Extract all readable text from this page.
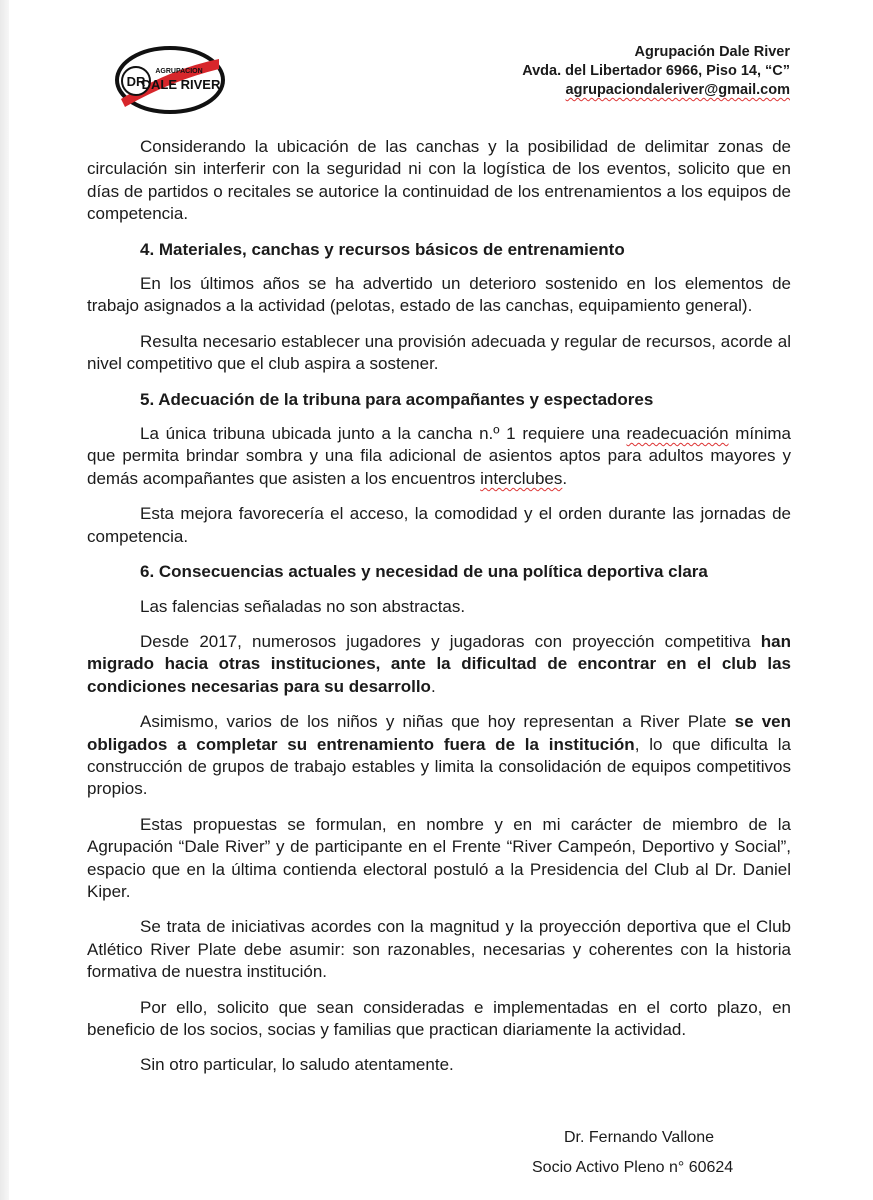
DR
AGRUPACION
DALE RIVER
Agrupación Dale River
Avda. del Libertador 6966, Piso 14, “C”
agrupaciondaleriver@gmail.com

Considerando la ubicación de las canchas y la posibilidad de delimitar zonas de circulación sin interferir con la seguridad ni con la logística de los eventos, solicito que en días de partidos o recitales se autorice la continuidad de los entrenamientos a los equipos de competencia.

4. Materiales, canchas y recursos básicos de entrenamiento

En los últimos años se ha advertido un deterioro sostenido en los elementos de trabajo asignados a la actividad (pelotas, estado de las canchas, equipamiento general).

Resulta necesario establecer una provisión adecuada y regular de recursos, acorde al nivel competitivo que el club aspira a sostener.

5. Adecuación de la tribuna para acompañantes y espectadores

La única tribuna ubicada junto a la cancha n.º 1 requiere una readecuación mínima que permita brindar sombra y una fila adicional de asientos aptos para adultos mayores y demás acompañantes que asisten a los encuentros interclubes.

Esta mejora favorecería el acceso, la comodidad y el orden durante las jornadas de competencia.

6. Consecuencias actuales y necesidad de una política deportiva clara

Las falencias señaladas no son abstractas.

Desde 2017, numerosos jugadores y jugadoras con proyección competitiva han migrado hacia otras instituciones, ante la dificultad de encontrar en el club las condiciones necesarias para su desarrollo.

Asimismo, varios de los niños y niñas que hoy representan a River Plate se ven obligados a completar su entrenamiento fuera de la institución, lo que dificulta la construcción de grupos de trabajo estables y limita la consolidación de equipos competitivos propios.

Estas propuestas se formulan, en nombre y en mi carácter de miembro de la Agrupación “Dale River” y de participante en el Frente “River Campeón, Deportivo y Social”, espacio que en la última contienda electoral postuló a la Presidencia del Club al Dr. Daniel Kiper.

Se trata de iniciativas acordes con la magnitud y la proyección deportiva que el Club Atlético River Plate debe asumir: son razonables, necesarias y coherentes con la historia formativa de nuestra institución.

Por ello, solicito que sean consideradas e implementadas en el corto plazo, en beneficio de los socios, socias y familias que practican diariamente la actividad.

Sin otro particular, lo saludo atentamente.

Dr. Fernando Vallone
Socio Activo Pleno n° 60624
